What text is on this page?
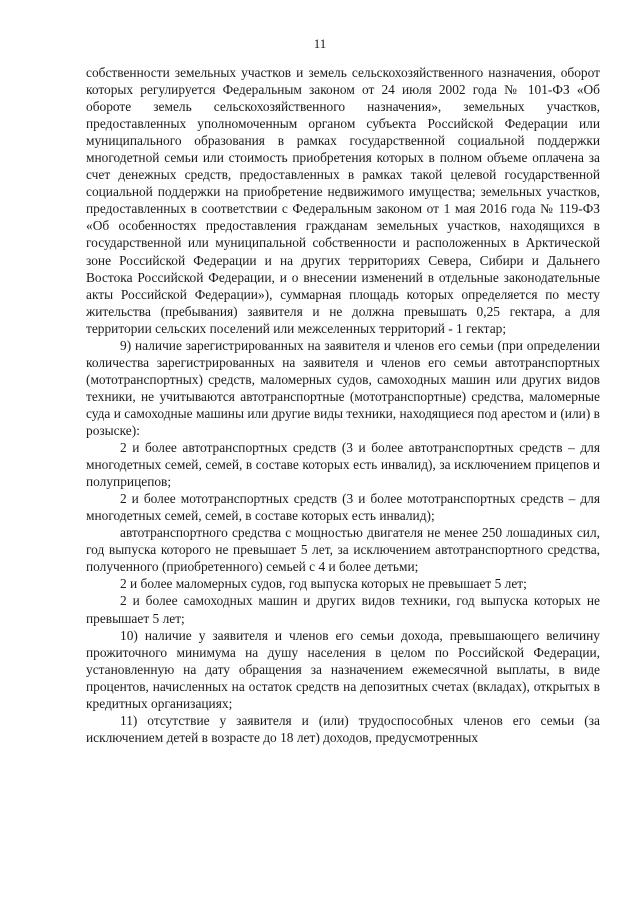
11

собственности земельных участков и земель сельскохозяйственного назначения, оборот которых регулируется Федеральным законом от 24 июля 2002 года № 101-ФЗ «Об обороте земель сельскохозяйственного назначения», земельных участков, предоставленных уполномоченным органом субъекта Российской Федерации или муниципального образования в рамках государственной социальной поддержки многодетной семьи или стоимость приобретения которых в полном объеме оплачена за счет денежных средств, предоставленных в рамках такой целевой государственной социальной поддержки на приобретение недвижимого имущества; земельных участков, предоставленных в соответствии с Федеральным законом от 1 мая 2016 года № 119-ФЗ «Об особенностях предоставления гражданам земельных участков, находящихся в государственной или муниципальной собственности и расположенных в Арктической зоне Российской Федерации и на других территориях Севера, Сибири и Дальнего Востока Российской Федерации, и о внесении изменений в отдельные законодательные акты Российской Федерации»), суммарная площадь которых определяется по месту жительства (пребывания) заявителя и не должна превышать 0,25 гектара, а для территории сельских поселений или межселенных территорий - 1 гектар;

9) наличие зарегистрированных на заявителя и членов его семьи (при определении количества зарегистрированных на заявителя и членов его семьи автотранспортных (мототранспортных) средств, маломерных судов, самоходных машин или других видов техники, не учитываются автотранспортные (мототранспортные) средства, маломерные суда и самоходные машины или другие виды техники, находящиеся под арестом и (или) в розыске):

2 и более автотранспортных средств (3 и более автотранспортных средств – для многодетных семей, семей, в составе которых есть инвалид), за исключением прицепов и полуприцепов;

2 и более мототранспортных средств (3 и более мототранспортных средств – для многодетных семей, семей, в составе которых есть инвалид);

автотранспортного средства с мощностью двигателя не менее 250 лошадиных сил, год выпуска которого не превышает 5 лет, за исключением автотранспортного средства, полученного (приобретенного) семьей с 4 и более детьми;

2 и более маломерных судов, год выпуска которых не превышает 5 лет;

2 и более самоходных машин и других видов техники, год выпуска которых не превышает 5 лет;

10) наличие у заявителя и членов его семьи дохода, превышающего величину прожиточного минимума на душу населения в целом по Российской Федерации, установленную на дату обращения за назначением ежемесячной выплаты, в виде процентов, начисленных на остаток средств на депозитных счетах (вкладах), открытых в кредитных организациях;

11) отсутствие у заявителя и (или) трудоспособных членов его семьи (за исключением детей в возрасте до 18 лет) доходов, предусмотренных
